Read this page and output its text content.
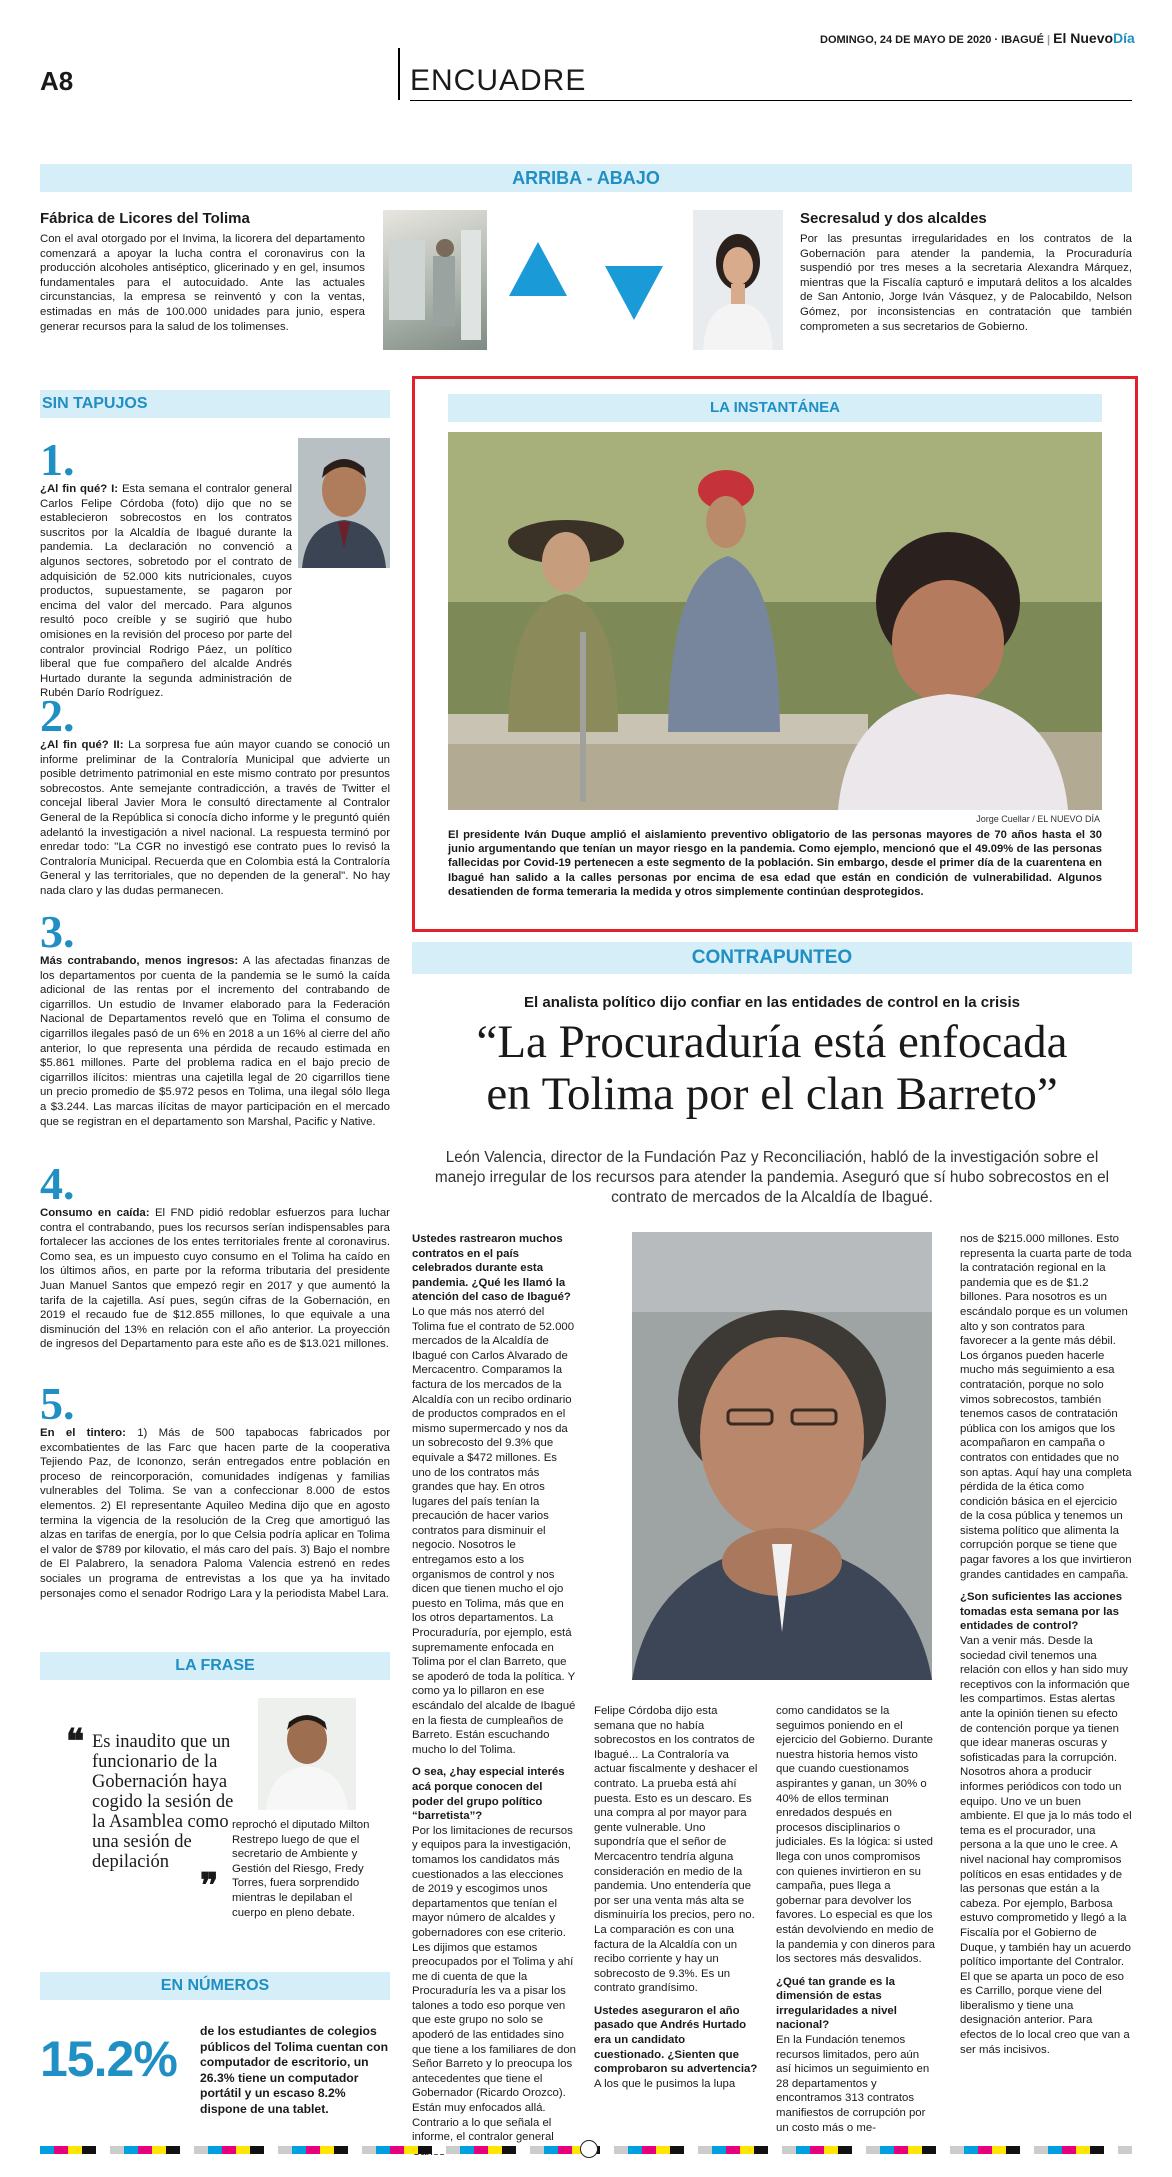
A8	ENCUADRE
DOMINGO, 24 DE MAYO DE 2020 · IBAGUÉ | El NuevoDía
ARRIBA - ABAJO
Fábrica de Licores del Tolima
Con el aval otorgado por el Invima, la licorera del departamento comenzará a apoyar la lucha contra el coronavirus con la producción alcoholes antiséptico, glicerinado y en gel, insumos fundamentales para el autocuidado. Ante las actuales circunstancias, la empresa se reinventó y con la ventas, estimadas en más de 100.000 unidades para junio, espera generar recursos para la salud de los tolimenses.
Secresalud y dos alcaldes
Por las presuntas irregularidades en los contratos de la Gobernación para atender la pandemia, la Procuraduría suspendió por tres meses a la secretaria Alexandra Márquez, mientras que la Fiscalía capturó e imputará delitos a los alcaldes de San Antonio, Jorge Iván Vásquez, y de Palocabildo, Nelson Gómez, por inconsistencias en contratación que también comprometen a sus secretarios de Gobierno.
SIN TAPUJOS
1.
¿Al fin qué? I: Esta semana el contralor general Carlos Felipe Córdoba (foto) dijo que no se establecieron sobrecostos en los contratos suscritos por la Alcaldía de Ibagué durante la pandemia. La declaración no convenció a algunos sectores, sobretodo por el contrato de adquisición de 52.000 kits nutricionales, cuyos productos, supuestamente, se pagaron por encima del valor del mercado. Para algunos resultó poco creíble y se sugirió que hubo omisiones en la revisión del proceso por parte del contralor provincial Rodrigo Páez, un político liberal que fue compañero del alcalde Andrés Hurtado durante la segunda administración de Rubén Darío Rodríguez.
2.
¿Al fin qué? II: La sorpresa fue aún mayor cuando se conoció un informe preliminar de la Contraloría Municipal que advierte un posible detrimento patrimonial en este mismo contrato por presuntos sobrecostos. Ante semejante contradicción, a través de Twitter el concejal liberal Javier Mora le consultó directamente al Contralor General de la República si conocía dicho informe y le preguntó quién adelantó la investigación a nivel nacional. La respuesta terminó por enredar todo: "La CGR no investigó ese contrato pues lo revisó la Contraloría Municipal. Recuerda que en Colombia está la Contraloría General y las territoriales, que no dependen de la general". No hay nada claro y las dudas permanecen.
3.
Más contrabando, menos ingresos: A las afectadas finanzas de los departamentos por cuenta de la pandemia se le sumó la caída adicional de las rentas por el incremento del contrabando de cigarrillos. Un estudio de Invamer elaborado para la Federación Nacional de Departamentos reveló que en Tolima el consumo de cigarrillos ilegales pasó de un 6% en 2018 a un 16% al cierre del año anterior, lo que representa una pérdida de recaudo estimada en $5.861 millones. Parte del problema radica en el bajo precio de cigarrillos ilícitos: mientras una cajetilla legal de 20 cigarrillos tiene un precio promedio de $5.972 pesos en Tolima, una ilegal sólo llega a $3.244. Las marcas ilícitas de mayor participación en el mercado que se registran en el departamento son Marshal, Pacific y Native.
4.
Consumo en caída: El FND pidió redoblar esfuerzos para luchar contra el contrabando, pues los recursos serían indispensables para fortalecer las acciones de los entes territoriales frente al coronavirus. Como sea, es un impuesto cuyo consumo en el Tolima ha caído en los últimos años, en parte por la reforma tributaria del presidente Juan Manuel Santos que empezó regir en 2017 y que aumentó la tarifa de la cajetilla. Así pues, según cifras de la Gobernación, en 2019 el recaudo fue de $12.855 millones, lo que equivale a una disminución del 13% en relación con el año anterior. La proyección de ingresos del Departamento para este año es de $13.021 millones.
5.
En el tintero: 1) Más de 500 tapabocas fabricados por excombatientes de las Farc que hacen parte de la cooperativa Tejiendo Paz, de Icononzo, serán entregados entre población en proceso de reincorporación, comunidades indígenas y familias vulnerables del Tolima. Se van a confeccionar 8.000 de estos elementos. 2) El representante Aquileo Medina dijo que en agosto termina la vigencia de la resolución de la Creg que amortiguó las alzas en tarifas de energía, por lo que Celsia podría aplicar en Tolima el valor de $789 por kilovatio, el más caro del país. 3) Bajo el nombre de El Palabrero, la senadora Paloma Valencia estrenó en redes sociales un programa de entrevistas a los que ya ha invitado personajes como el senador Rodrigo Lara y la periodista Mabel Lara.
LA FRASE
❝ Es inaudito que un funcionario de la Gobernación haya cogido la sesión de la Asamblea como una sesión de depilación
❞
reprochó el diputado Milton Restrepo luego de que el secretario de Ambiente y Gestión del Riesgo, Fredy Torres, fuera sorprendido mientras le depilaban el cuerpo en pleno debate.
EN NÚMEROS
15.2% de los estudiantes de colegios públicos del Tolima cuentan con computador de escritorio, un 26.3% tiene un computador portátil y un escaso 8.2% dispone de una tablet.
LA INSTANTÁNEA
Jorge Cuellar / EL NUEVO DÍA
El presidente Iván Duque amplió el aislamiento preventivo obligatorio de las personas mayores de 70 años hasta el 30 junio argumentando que tenían un mayor riesgo en la pandemia. Como ejemplo, mencionó que el 49.09% de las personas fallecidas por Covid-19 pertenecen a este segmento de la población. Sin embargo, desde el primer día de la cuarentena en Ibagué han salido a la calles personas por encima de esa edad que están en condición de vulnerabilidad. Algunos desatienden de forma temeraria la medida y otros simplemente continúan desprotegidos.
CONTRAPUNTEO
El analista político dijo confiar en las entidades de control en la crisis
“La Procuraduría está enfocada
en Tolima por el clan Barreto”
León Valencia, director de la Fundación Paz y Reconciliación, habló de la investigación sobre el manejo irregular de los recursos para atender la pandemia. Aseguró que sí hubo sobrecostos en el contrato de mercados de la Alcaldía de Ibagué.

Ustedes rastrearon muchos contratos en el país celebrados durante esta pandemia. ¿Qué les llamó la atención del caso de Ibagué?

Lo que más nos aterró del Tolima fue el contrato de 52.000 mercados de la Alcaldía de Ibagué con Carlos Alvarado de Mercacentro. Comparamos la factura de los mercados de la Alcaldía con un recibo ordinario de productos comprados en el mismo supermercado y nos da un sobrecosto del 9.3% que equivale a $472 millones. Es uno de los contratos más grandes que hay. En otros lugares del país tenían la precaución de hacer varios contratos para disminuir el negocio. Nosotros le entregamos esto a los organismos de control y nos dicen que tienen mucho el ojo puesto en Tolima, más que en los otros departamentos. La Procuraduría, por ejemplo, está supremamente enfocada en Tolima por el clan Barreto, que se apoderó de toda la política. Y como ya lo pillaron en ese escándalo del alcalde de Ibagué en la fiesta de cumpleaños de Barreto. Están escuchando mucho lo del Tolima.

O sea, ¿hay especial interés acá porque conocen del poder del grupo político “barretista”?

Por los limitaciones de recursos y equipos para la investigación, tomamos los candidatos más cuestionados a las elecciones de 2019 y escogimos unos departamentos que tenían el mayor número de alcaldes y gobernadores con ese criterio. Les dijimos que estamos preocupados por el Tolima y ahí me di cuenta de que la Procuraduría les va a pisar los talones a todo eso porque ven que este grupo no solo se apoderó de las entidades sino que tiene a los familiares de don Señor Barreto y lo preocupa los antecedentes que tiene el Gobernador (Ricardo Orozco). Están muy enfocados allá. Contrario a lo que señala el informe, el contralor general

Felipe Córdoba dijo esta semana que no había sobrecostos en los contratos de Ibagué... La Contraloría va actuar fiscalmente y deshacer el contrato. La prueba está ahí puesta. Esto es un descaro. Es una compra al por mayor para gente vulnerable. Uno supondría que el señor de Mercacentro tendría alguna consideración en medio de la pandemia. Uno entendería que por ser una venta más alta se disminuiría los precios, pero no. La comparación es con una factura de la Alcaldía con un recibo corriente y hay un sobrecosto de 9.3%. Es un contrato grandísimo.

Ustedes aseguraron el año pasado que Andrés Hurtado era un candidato cuestionado. ¿Sienten que comprobaron su advertencia?

A los que le pusimos la lupa

como candidatos se la seguimos poniendo en el ejercicio del Gobierno. Durante nuestra historia hemos visto que cuando cuestionamos aspirantes y ganan, un 30% o 40% de ellos terminan enredados después en procesos disciplinarios o judiciales. Es la lógica: si usted llega con unos compromisos con quienes invirtieron en su campaña, pues llega a gobernar para devolver los favores. Lo especial es que los están devolviendo en medio de la pandemia y con dineros para los sectores más desvalidos.

¿Qué tan grande es la dimensión de estas irregularidades a nivel nacional?

En la Fundación tenemos recursos limitados, pero aún así hicimos un seguimiento en 28 departamentos y encontramos 313 contratos manifiestos de corrupción por un costo más o me-

nos de $215.000 millones. Esto representa la cuarta parte de toda la contratación regional en la pandemia que es de $1.2 billones. Para nosotros es un escándalo porque es un volumen alto y son contratos para favorecer a la gente más débil. Los órganos pueden hacerle mucho más seguimiento a esa contratación, porque no solo vimos sobrecostos, también tenemos casos de contratación pública con los amigos que los acompañaron en campaña o contratos con entidades que no son aptas. Aquí hay una completa pérdida de la ética como condición básica en el ejercicio de la cosa pública y tenemos un sistema político que alimenta la corrupción porque se tiene que pagar favores a los que invirtieron grandes cantidades en campaña.

¿Son suficientes las acciones tomadas esta semana por las entidades de control?

Van a venir más. Desde la sociedad civil tenemos una relación con ellos y han sido muy receptivos con la información que les compartimos. Estas alertas ante la opinión tienen su efecto de contención porque ya tienen que idear maneras oscuras y sofisticadas para la corrupción. Nosotros ahora a producir informes periódicos con todo un equipo. Uno ve un buen ambiente. El que ja lo más todo el tema es el procurador, una persona a la que uno le cree. A nivel nacional hay compromisos políticos en esas entidades y de las personas que están a la cabeza. Por ejemplo, Barbosa estuvo comprometido y llegó a la Fiscalía por el Gobierno de Duque, y también hay un acuerdo político importante del Contralor. El que se aparta un poco de eso es Carrillo, porque viene del liberalismo y tiene una designación anterior. Para efectos de lo local creo que van a ser más incisivos.
